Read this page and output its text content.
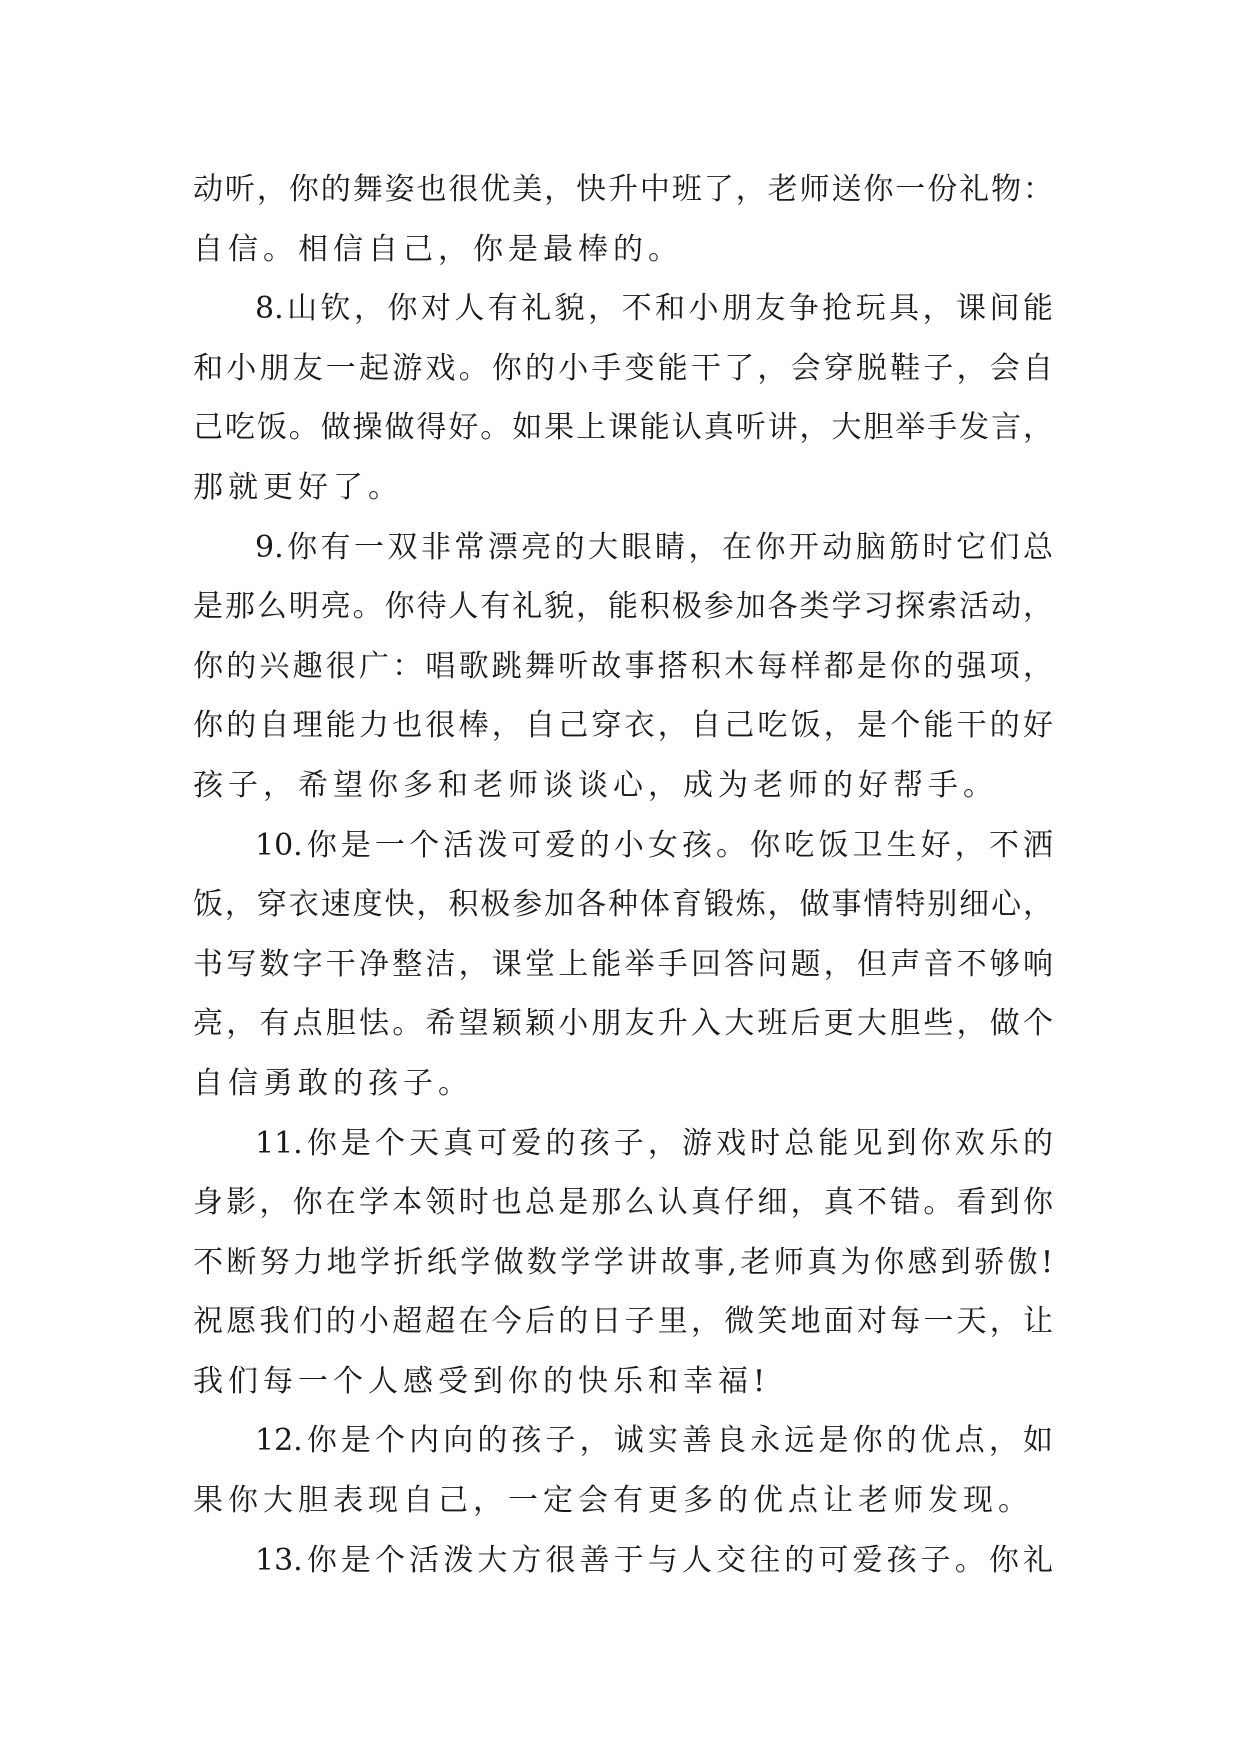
动听，你的舞姿也很优美，快升中班了，老师送你一份礼物：
自信。相信自己，你是最棒的。
8.山钦，你对人有礼貌，不和小朋友争抢玩具，课间能
和小朋友一起游戏。你的小手变能干了，会穿脱鞋子，会自
己吃饭。做操做得好。如果上课能认真听讲，大胆举手发言，
那就更好了。
9.你有一双非常漂亮的大眼睛，在你开动脑筋时它们总
是那么明亮。你待人有礼貌，能积极参加各类学习探索活动，
你的兴趣很广：唱歌跳舞听故事搭积木每样都是你的强项，
你的自理能力也很棒，自己穿衣，自己吃饭，是个能干的好
孩子，希望你多和老师谈谈心，成为老师的好帮手。
10.你是一个活泼可爱的小女孩。你吃饭卫生好，不洒
饭，穿衣速度快，积极参加各种体育锻炼，做事情特别细心，
书写数字干净整洁，课堂上能举手回答问题，但声音不够响
亮，有点胆怯。希望颖颖小朋友升入大班后更大胆些，做个
自信勇敢的孩子。
11.你是个天真可爱的孩子，游戏时总能见到你欢乐的
身影，你在学本领时也总是那么认真仔细，真不错。看到你
不断努力地学折纸学做数学学讲故事,老师真为你感到骄傲!
祝愿我们的小超超在今后的日子里，微笑地面对每一天，让
我们每一个人感受到你的快乐和幸福!
12.你是个内向的孩子，诚实善良永远是你的优点，如
果你大胆表现自己，一定会有更多的优点让老师发现。
13.你是个活泼大方很善于与人交往的可爱孩子。你礼
